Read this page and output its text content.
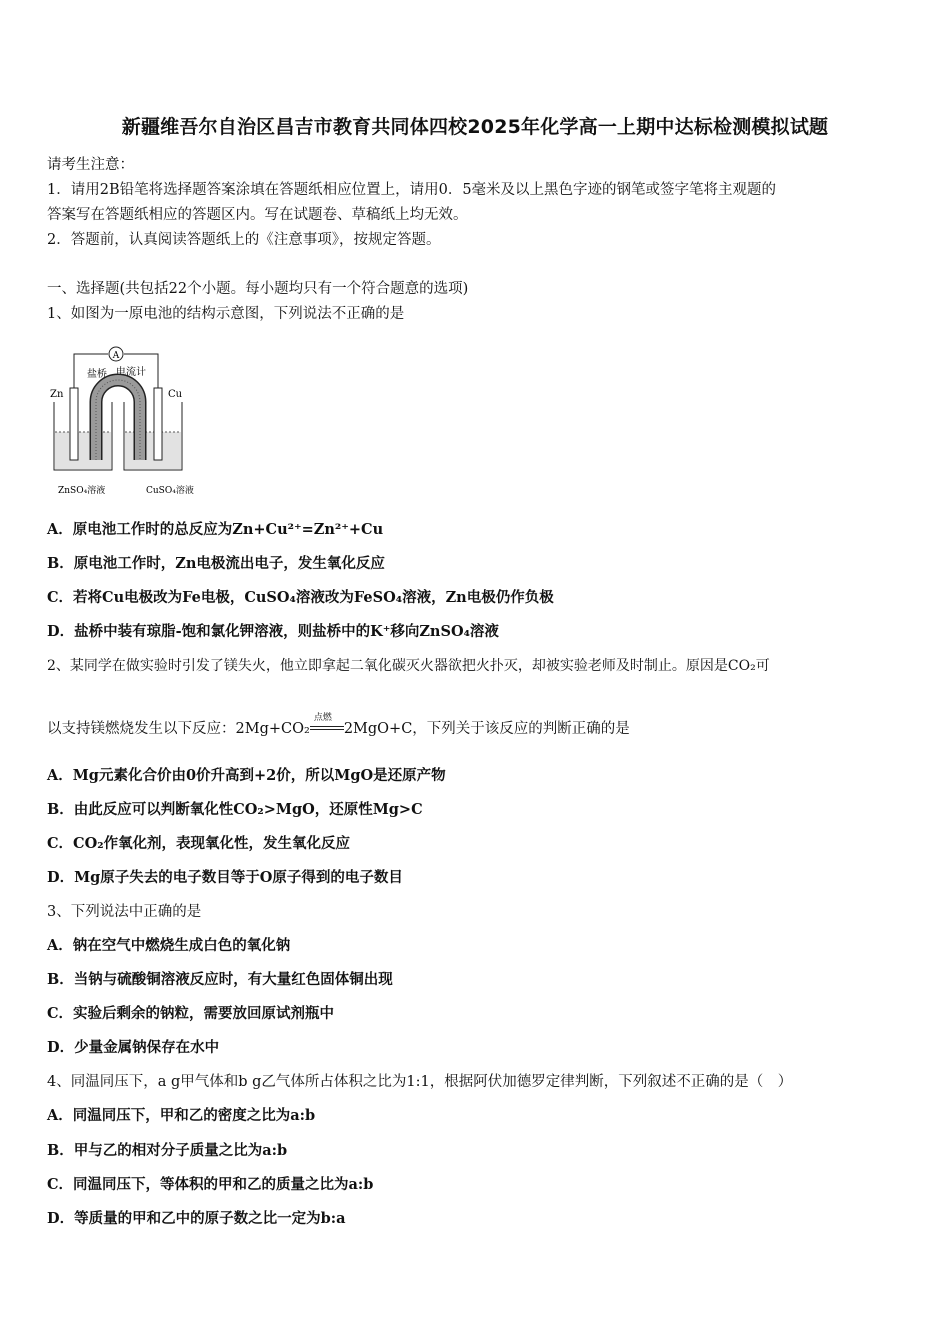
新疆维吾尔自治区昌吉市教育共同体四校2025年化学高一上期中达标检测模拟试题
请考生注意：
1．请用2B铅笔将选择题答案涂填在答题纸相应位置上，请用0．5毫米及以上黑色字迹的钢笔或签字笔将主观题的
答案写在答题纸相应的答题区内。写在试题卷、草稿纸上均无效。
2．答题前，认真阅读答题纸上的《注意事项》，按规定答题。
一、选择题(共包括22个小题。每小题均只有一个符合题意的选项)
1、如图为一原电池的结构示意图，下列说法不正确的是
A
盐桥 电流计
Zn	Cu
ZnSO₄溶液	CuSO₄溶液
A．原电池工作时的总反应为Zn+Cu²⁺=Zn²⁺+Cu
B．原电池工作时，Zn电极流出电子，发生氧化反应
C．若将Cu电极改为Fe电极，CuSO₄溶液改为FeSO₄溶液，Zn电极仍作负极
D．盐桥中装有琼脂-饱和氯化钾溶液，则盐桥中的K⁺移向ZnSO₄溶液
2、某同学在做实验时引发了镁失火，他立即拿起二氧化碳灭火器欲把火扑灭，却被实验老师及时制止。原因是CO₂可
以支持镁燃烧发生以下反应：2Mg+CO₂
点燃
2MgO+C，下列关于该反应的判断正确的是
A．Mg元素化合价由0价升高到+2价，所以MgO是还原产物
B．由此反应可以判断氧化性CO₂>MgO，还原性Mg>C
C．CO₂作氧化剂，表现氧化性，发生氧化反应
D．Mg原子失去的电子数目等于O原子得到的电子数目
3、下列说法中正确的是
A．钠在空气中燃烧生成白色的氧化钠
B．当钠与硫酸铜溶液反应时，有大量红色固体铜出现
C．实验后剩余的钠粒，需要放回原试剂瓶中
D．少量金属钠保存在水中
4、同温同压下，a g甲气体和b g乙气体所占体积之比为1:1，根据阿伏加德罗定律判断，下列叙述不正确的是（　）
A．同温同压下，甲和乙的密度之比为a:b
B．甲与乙的相对分子质量之比为a:b
C．同温同压下，等体积的甲和乙的质量之比为a:b
D．等质量的甲和乙中的原子数之比一定为b:a
